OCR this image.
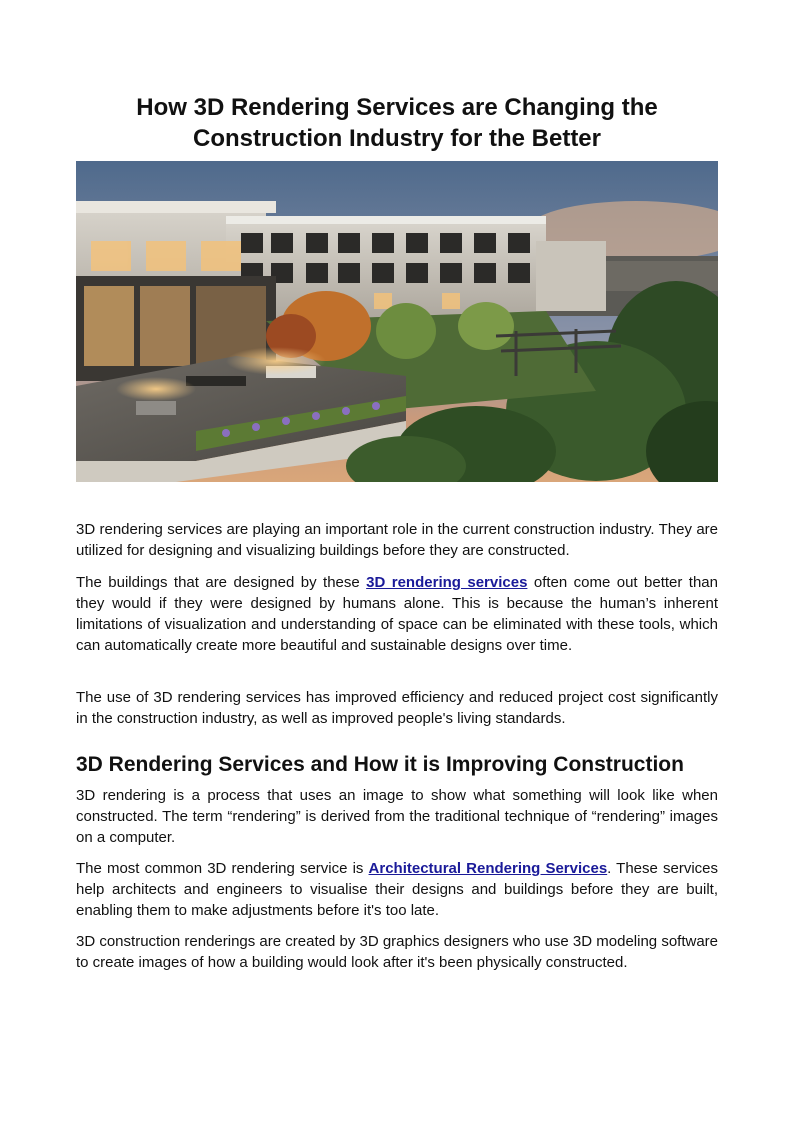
How 3D Rendering Services are Changing the Construction Industry for the Better

3D rendering services are playing an important role in the current construction industry. They are utilized for designing and visualizing buildings before they are constructed.

The buildings that are designed by these 3D rendering services often come out better than they would if they were designed by humans alone. This is because the human’s inherent limitations of visualization and understanding of space can be eliminated with these tools, which can automatically create more beautiful and sustainable designs over time.

The use of 3D rendering services has improved efficiency and reduced project cost significantly in the construction industry, as well as improved people's living standards.

3D Rendering Services and How it is Improving Construction

3D rendering is a process that uses an image to show what something will look like when constructed. The term “rendering” is derived from the traditional technique of “rendering” images on a computer.

The most common 3D rendering service is Architectural Rendering Services. These services help architects and engineers to visualise their designs and buildings before they are built, enabling them to make adjustments before it's too late.

3D construction renderings are created by 3D graphics designers who use 3D modeling software to create images of how a building would look after it's been physically constructed.
